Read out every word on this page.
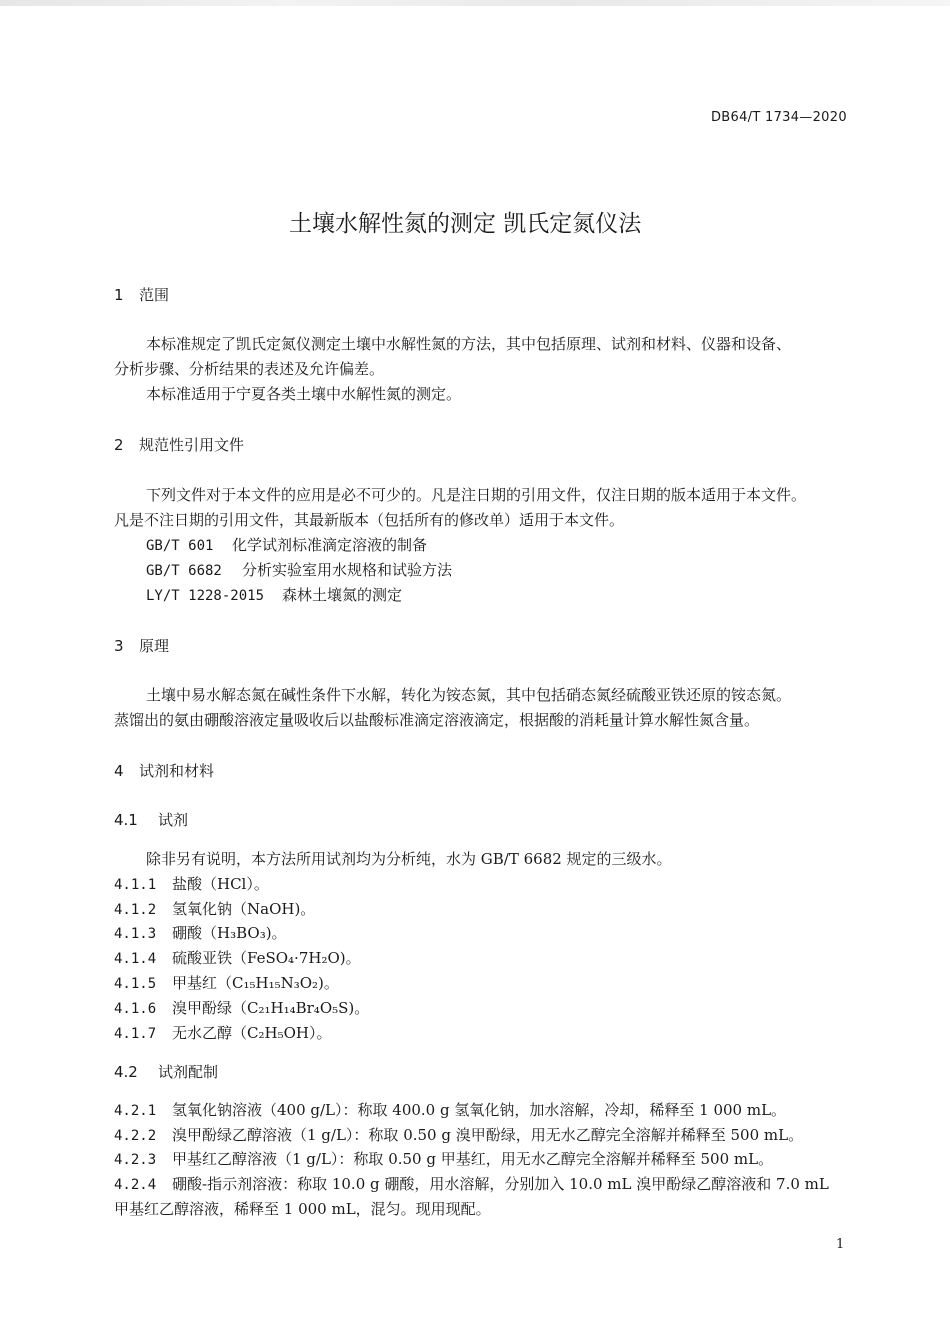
DB64/T 1734—2020
土壤水解性氮的测定 凯氏定氮仪法
1 范围
本标准规定了凯氏定氮仪测定土壤中水解性氮的方法，其中包括原理、试剂和材料、仪器和设备、
分析步骤、分析结果的表述及允许偏差。
本标准适用于宁夏各类土壤中水解性氮的测定。
2 规范性引用文件
下列文件对于本文件的应用是必不可少的。凡是注日期的引用文件，仅注日期的版本适用于本文件。
凡是不注日期的引用文件，其最新版本（包括所有的修改单）适用于本文件。
GB/T 601 化学试剂标准滴定溶液的制备
GB/T 6682 分析实验室用水规格和试验方法
LY/T 1228-2015 森林土壤氮的测定
3 原理
土壤中易水解态氮在碱性条件下水解，转化为铵态氮，其中包括硝态氮经硫酸亚铁还原的铵态氮。
蒸馏出的氨由硼酸溶液定量吸收后以盐酸标准滴定溶液滴定，根据酸的消耗量计算水解性氮含量。
4 试剂和材料
4.1 试剂
除非另有说明，本方法所用试剂均为分析纯，水为 GB/T 6682 规定的三级水。
4.1.1 盐酸（HCl）。
4.1.2 氢氧化钠（NaOH)。
4.1.3 硼酸（H₃BO₃)。
4.1.4 硫酸亚铁（FeSO₄·7H₂O)。
4.1.5 甲基红（C₁₅H₁₅N₃O₂)。
4.1.6 溴甲酚绿（C₂₁H₁₄Br₄O₅S)。
4.1.7 无水乙醇（C₂H₅OH）。
4.2 试剂配制
4.2.1 氢氧化钠溶液（400 g/L）：称取 400.0 g 氢氧化钠，加水溶解，冷却，稀释至 1 000 mL。
4.2.2 溴甲酚绿乙醇溶液（1 g/L）：称取 0.50 g 溴甲酚绿，用无水乙醇完全溶解并稀释至 500 mL。
4.2.3 甲基红乙醇溶液（1 g/L）：称取 0.50 g 甲基红，用无水乙醇完全溶解并稀释至 500 mL。
4.2.4 硼酸-指示剂溶液：称取 10.0 g 硼酸，用水溶解，分别加入 10.0 mL 溴甲酚绿乙醇溶液和 7.0 mL
甲基红乙醇溶液，稀释至 1 000 mL，混匀。现用现配。
1
